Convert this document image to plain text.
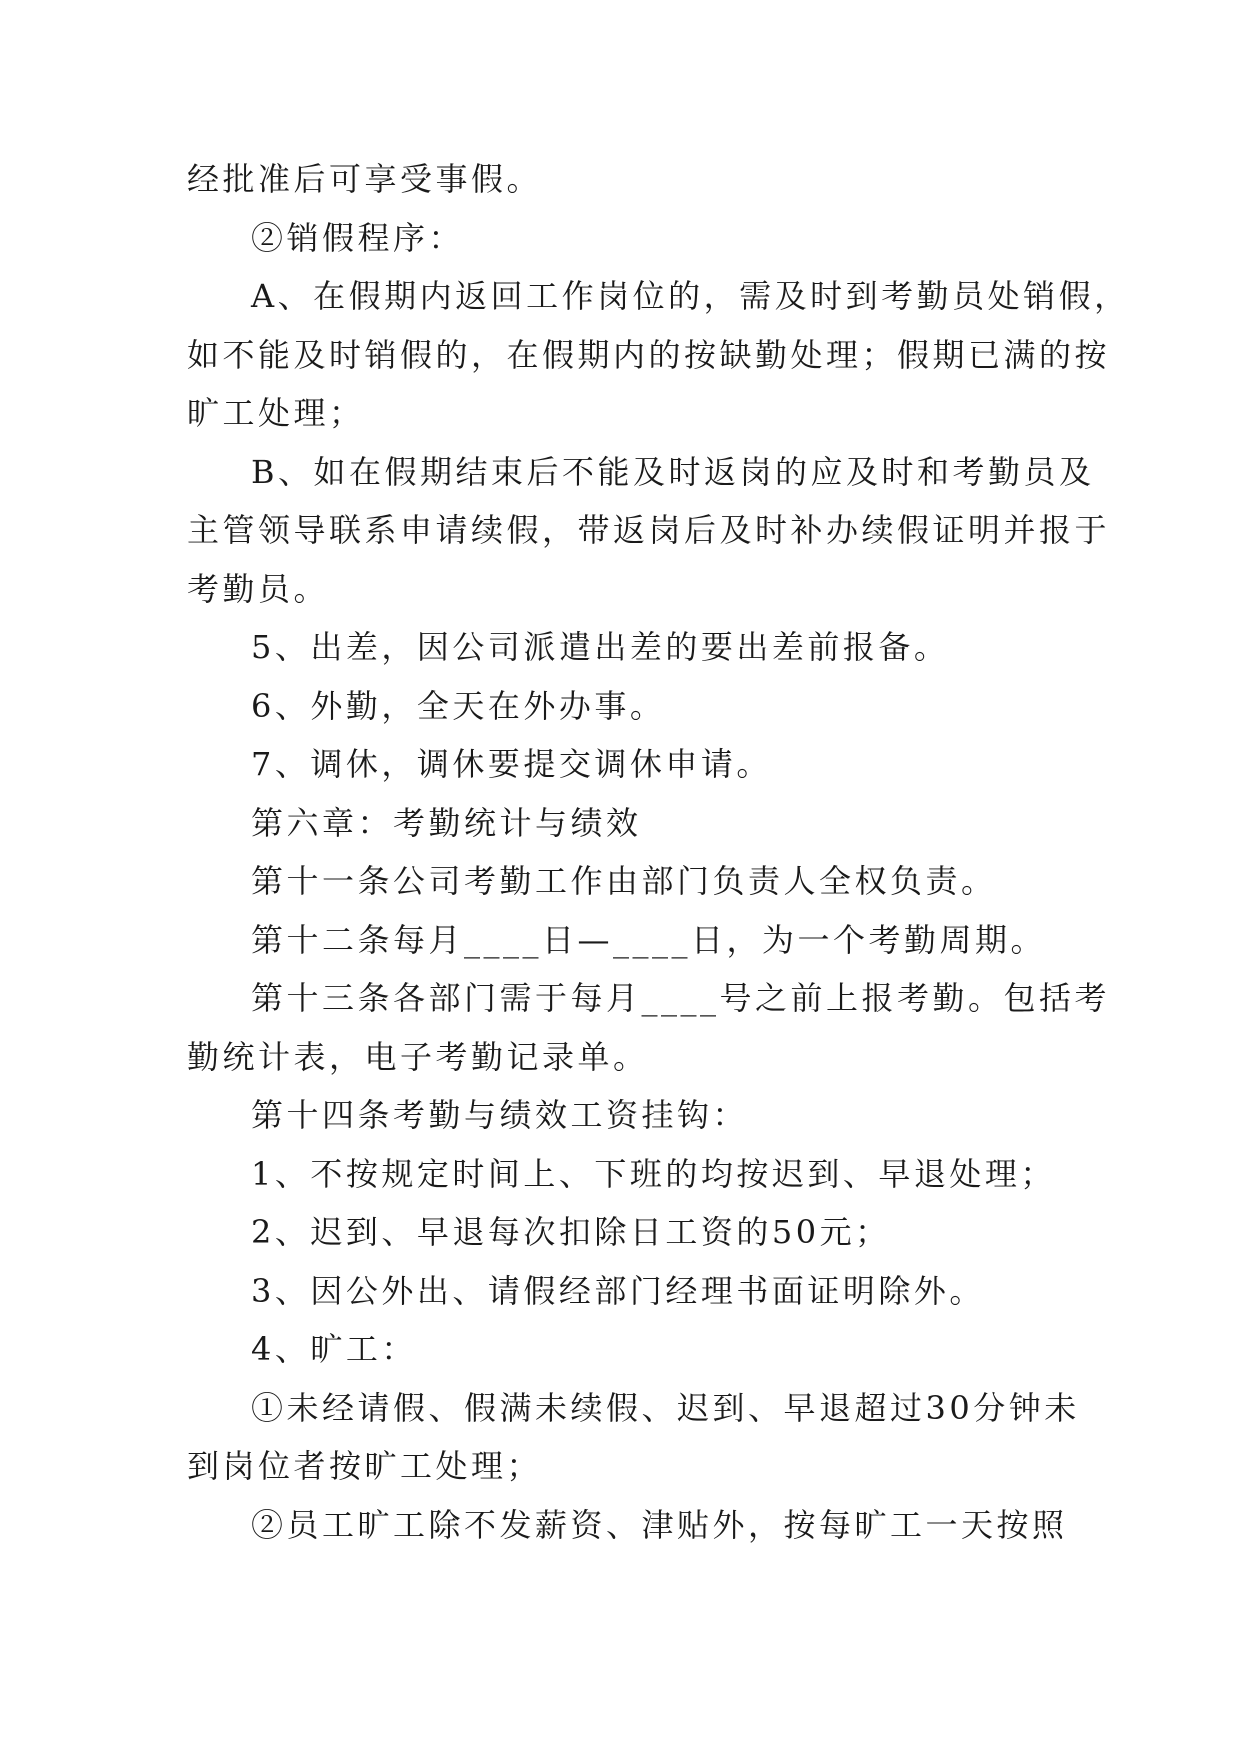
经批准后可享受事假。
②销假程序：
A、在假期内返回工作岗位的，需及时到考勤员处销假，
如不能及时销假的，在假期内的按缺勤处理；假期已满的按
旷工处理；
B、如在假期结束后不能及时返岗的应及时和考勤员及
主管领导联系申请续假，带返岗后及时补办续假证明并报于
考勤员。
5、出差，因公司派遣出差的要出差前报备。
6、外勤，全天在外办事。
7、调休，调休要提交调休申请。
第六章：考勤统计与绩效
第十一条公司考勤工作由部门负责人全权负责。
第十二条每月____日—____日，为一个考勤周期。
第十三条各部门需于每月____号之前上报考勤。包括考
勤统计表，电子考勤记录单。
第十四条考勤与绩效工资挂钩：
1、不按规定时间上、下班的均按迟到、早退处理；
2、迟到、早退每次扣除日工资的50元；
3、因公外出、请假经部门经理书面证明除外。
4、旷工：
①未经请假、假满未续假、迟到、早退超过30分钟未
到岗位者按旷工处理；
②员工旷工除不发薪资、津贴外，按每旷工一天按照
